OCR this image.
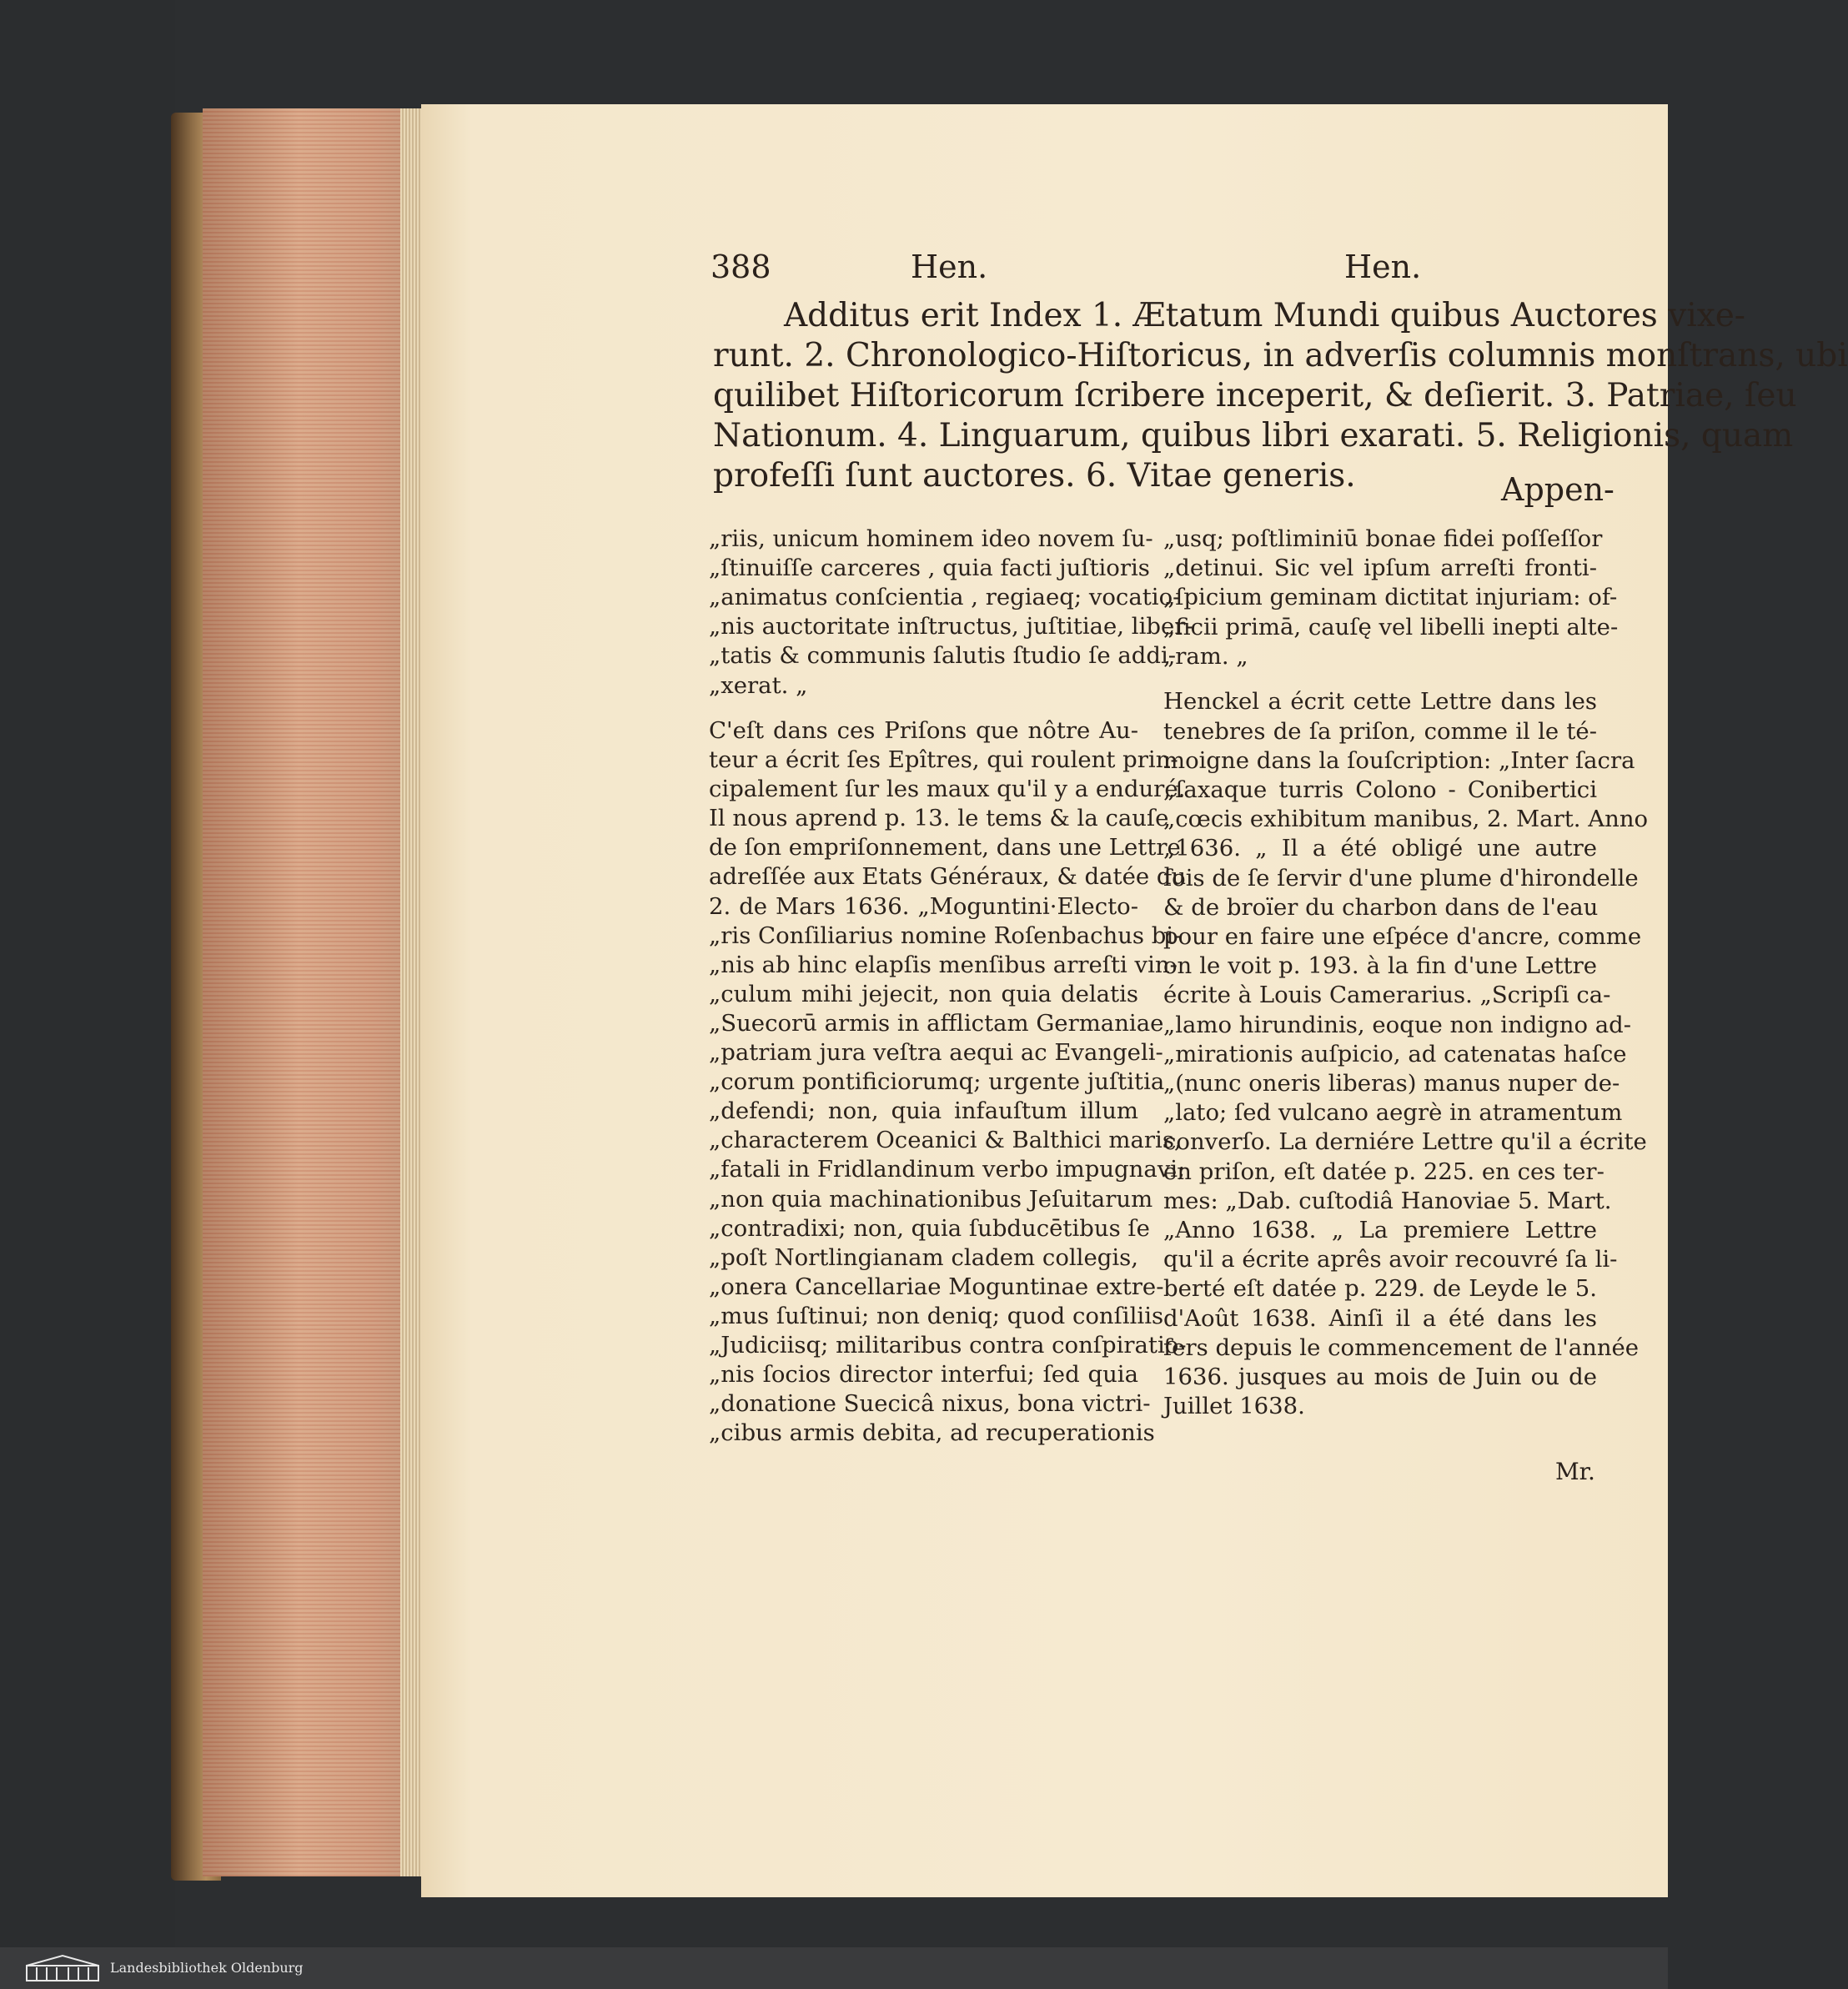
388	Hen.	Hen.
Additus erit Index 1. Ætatum Mundi quibus Auctores vixe-
runt. 2. Chronologico-Hiſtoricus, in adverſis columnis monſtrans, ubi
quilibet Hiſtoricorum ſcribere inceperit, & deſierit. 3. Patriae, ſeu
Nationum. 4. Linguarum, quibus libri exarati. 5. Religionis, quam
profeſſi ſunt auctores. 6. Vitae generis.	Appen-
„riis, unicum hominem ideo novem ſu-
„ſtinuiſſe carceres , quia facti juſtioris
„animatus conſcientia , regiaeq; vocatio-
„nis auctoritate inſtructus, juſtitiae, liber-
„tatis & communis ſalutis ſtudio ſe addi-
„xerat. „
C'eſt dans ces Priſons que nôtre Au-
teur a écrit ſes Epîtres, qui roulent prin-
cipalement ſur les maux qu'il y a enduré.
Il nous aprend p. 13. le tems & la cauſe
de ſon empriſonnement, dans une Lettre
adreſſée aux Etats Généraux, & datée du
2. de Mars 1636. „Moguntini·Electo-
„ris Conſiliarius nomine Roſenbachus bi-
„nis ab hinc elapſis menſibus arreſti vin-
„culum mihi jejecit, non quia delatis
„Suecorū armis in afflictam Germaniae
„patriam jura veſtra aequi ac Evangeli-
„corum pontificiorumq; urgente juſtitia
„defendi; non, quia infauſtum illum
„characterem Oceanici & Balthici maris,
„fatali in Fridlandinum verbo impugnavi;
„non quia machinationibus Jeſuitarum
„contradixi; non, quia ſubducētibus ſe
„poſt Nortlingianam cladem collegis,
„onera Cancellariae Moguntinae extre-
„mus ſuſtinui; non deniq; quod conſiliis
„Judiciisq; militaribus contra conſpiratio-
„nis ſocios director interfui; ſed quia
„donatione Suecicâ nixus, bona victri-
„cibus armis debita, ad recuperationis
„usq; poſtliminiū bonae fidei poſſeſſor
„detinui. Sic vel ipſum arreſti fronti-
„ſpicium geminam dictitat injuriam: of-
„ficii primā, cauſę vel libelli inepti alte-
„ram. „
Henckel a écrit cette Lettre dans les
tenebres de ſa priſon, comme il le té-
moigne dans la ſouſcription: „Inter ſacra
„ſaxaque turris Colono - Conibertici
„cœcis exhibitum manibus, 2. Mart. Anno
„1636. „ Il a été obligé une autre
fois de ſe ſervir d'une plume d'hirondelle
& de broïer du charbon dans de l'eau
pour en faire une eſpéce d'ancre, comme
on le voit p. 193. à la fin d'une Lettre
écrite à Louis Camerarius. „Scripſi ca-
„lamo hirundinis, eoque non indigno ad-
„mirationis auſpicio, ad catenatas haſce
„(nunc oneris liberas) manus nuper de-
„lato; ſed vulcano aegrè in atramentum
converſo. La derniére Lettre qu'il a écrite
en priſon, eſt datée p. 225. en ces ter-
mes: „Dab. cuſtodiâ Hanoviae 5. Mart.
„Anno 1638. „ La premiere Lettre
qu'il a écrite aprês avoir recouvré ſa li-
berté eſt datée p. 229. de Leyde le 5.
d'Août 1638. Ainſi il a été dans les
fers depuis le commencement de l'année
1636. jusques au mois de Juin ou de
Juillet 1638.
Mr.
Landesbibliothek Oldenburg
